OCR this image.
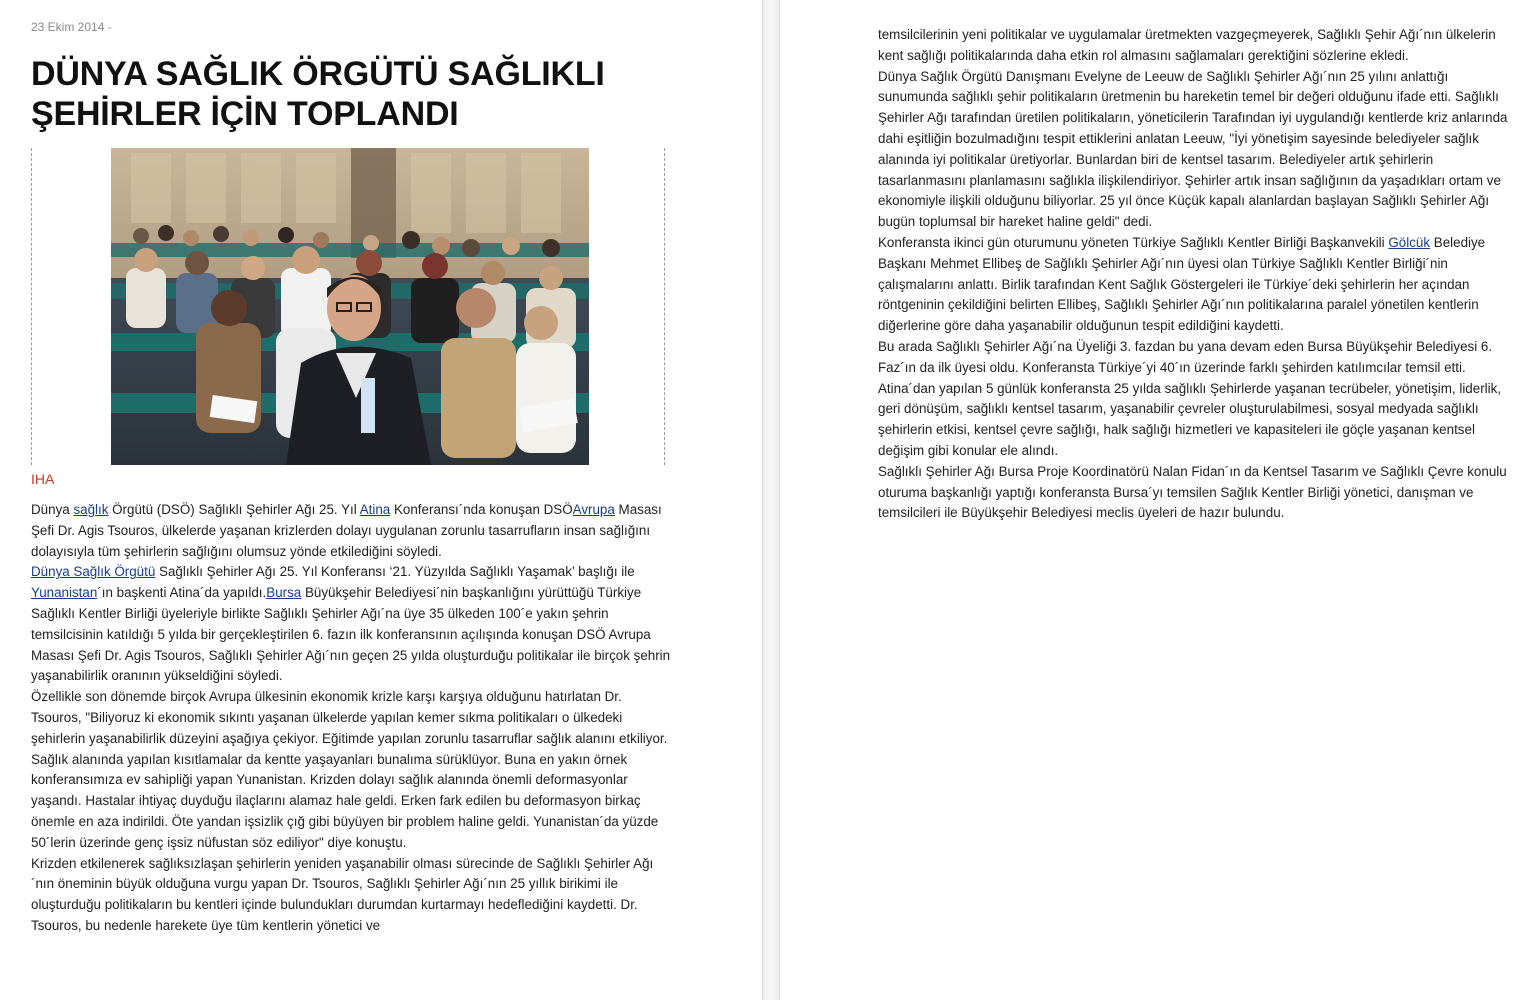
23 Ekim 2014 -
DÜNYA SAĞLIK ÖRGÜTÜ SAĞLIKLI ŞEHİRLER İÇİN TOPLANDI
IHA

Dünya sağlık Örgütü (DSÖ) Sağlıklı Şehirler Ağı 25. Yıl Atina Konferansı´nda konuşan DSÖAvrupa Masası Şefi Dr. Agis Tsouros, ülkelerde yaşanan krizlerden dolayı uygulanan zorunlu tasarrufların insan sağlığını dolayısıyla tüm şehirlerin sağlığını olumsuz yönde etkilediğini söyledi.

Dünya Sağlık Örgütü Sağlıklı Şehirler Ağı 25. Yıl Konferansı ‘21. Yüzyılda Sağlıklı Yaşamak’ başlığı ile Yunanistan´ın başkenti Atina´da yapıldı.Bursa Büyükşehir Belediyesi´nin başkanlığını yürüttüğü Türkiye Sağlıklı Kentler Birliği üyeleriyle birlikte Sağlıklı Şehirler Ağı´na üye 35 ülkeden 100´e yakın şehrin temsilcisinin katıldığı 5 yılda bir gerçekleştirilen 6. fazın ilk konferansının açılışında konuşan DSÖ Avrupa Masası Şefi Dr. Agis Tsouros, Sağlıklı Şehirler Ağı´nın geçen 25 yılda oluşturduğu politikalar ile birçok şehrin yaşanabilirlik oranının yükseldiğini söyledi.

Özellikle son dönemde birçok Avrupa ülkesinin ekonomik krizle karşı karşıya olduğunu hatırlatan Dr. Tsouros, "Biliyoruz ki ekonomik sıkıntı yaşanan ülkelerde yapılan kemer sıkma politikaları o ülkedeki şehirlerin yaşanabilirlik düzeyini aşağıya çekiyor. Eğitimde yapılan zorunlu tasarruflar sağlık alanını etkiliyor. Sağlık alanında yapılan kısıtlamalar da kentte yaşayanları bunalıma sürüklüyor. Buna en yakın örnek konferansımıza ev sahipliği yapan Yunanistan. Krizden dolayı sağlık alanında önemli deformasyonlar yaşandı. Hastalar ihtiyaç duyduğu ilaçlarını alamaz hale geldi. Erken fark edilen bu deformasyon birkaç önemle en aza indirildi. Öte yandan işsizlik çığ gibi büyüyen bir problem haline geldi. Yunanistan´da yüzde 50´lerin üzerinde genç işsiz nüfustan söz ediliyor" diye konuştu.

Krizden etkilenerek sağlıksızlaşan şehirlerin yeniden yaşanabilir olması sürecinde de Sağlıklı Şehirler Ağı´nın öneminin büyük olduğuna vurgu yapan Dr. Tsouros, Sağlıklı Şehirler Ağı´nın 25 yıllık birikimi ile oluşturduğu politikaların bu kentleri içinde bulundukları durumdan kurtarmayı hedeflediğini kaydetti. Dr. Tsouros, bu nedenle harekete üye tüm kentlerin yönetici ve

temsilcilerinin yeni politikalar ve uygulamalar üretmekten vazgeçmeyerek, Sağlıklı Şehir Ağı´nın ülkelerin kent sağlığı politikalarında daha etkin rol almasını sağlamaları gerektiğini sözlerine ekledi.

Dünya Sağlık Örgütü Danışmanı Evelyne de Leeuw de Sağlıklı Şehirler Ağı´nın 25 yılını anlattığı sunumunda sağlıklı şehir politikaların üretmenin bu hareketin temel bir değeri olduğunu ifade etti. Sağlıklı Şehirler Ağı tarafından üretilen politikaların, yöneticilerin Tarafından iyi uygulandığı kentlerde kriz anlarında dahi eşitliğin bozulmadığını tespit ettiklerini anlatan Leeuw, "İyi yönetişim sayesinde belediyeler sağlık alanında iyi politikalar üretiyorlar. Bunlardan biri de kentsel tasarım. Belediyeler artık şehirlerin tasarlanmasını planlamasını sağlıkla ilişkilendiriyor. Şehirler artık insan sağlığının da yaşadıkları ortam ve ekonomiyle ilişkili olduğunu biliyorlar. 25 yıl önce Küçük kapalı alanlardan başlayan Sağlıklı Şehirler Ağı bugün toplumsal bir hareket haline geldi" dedi.

Konferansta ikinci gün oturumunu yöneten Türkiye Sağlıklı Kentler Birliği Başkanvekili Gölcük Belediye Başkanı Mehmet Ellibeş de Sağlıklı Şehirler Ağı´nın üyesi olan Türkiye Sağlıklı Kentler Birliği´nin çalışmalarını anlattı. Birlik tarafından Kent Sağlık Göstergeleri ile Türkiye´deki şehirlerin her açından röntgeninin çekildiğini belirten Ellibeş, Sağlıklı Şehirler Ağı´nın politikalarına paralel yönetilen kentlerin diğerlerine göre daha yaşanabilir olduğunun tespit edildiğini kaydetti.

Bu arada Sağlıklı Şehirler Ağı´na Üyeliği 3. fazdan bu yana devam eden Bursa Büyükşehir Belediyesi 6. Faz´ın da ilk üyesi oldu. Konferansta Türkiye´yi 40´ın üzerinde farklı şehirden katılımcılar temsil etti.

Atina´dan yapılan 5 günlük konferansta 25 yılda sağlıklı Şehirlerde yaşanan tecrübeler, yönetişim, liderlik, geri dönüşüm, sağlıklı kentsel tasarım, yaşanabilir çevreler oluşturulabilmesi, sosyal medyada sağlıklı şehirlerin etkisi, kentsel çevre sağlığı, halk sağlığı hizmetleri ve kapasiteleri ile göçle yaşanan kentsel değişim gibi konular ele alındı.

Sağlıklı Şehirler Ağı Bursa Proje Koordinatörü Nalan Fidan´ın da Kentsel Tasarım ve Sağlıklı Çevre konulu oturuma başkanlığı yaptığı konferansta Bursa´yı temsilen Sağlık Kentler Birliği yönetici, danışman ve temsilcileri ile Büyükşehir Belediyesi meclis üyeleri de hazır bulundu.
